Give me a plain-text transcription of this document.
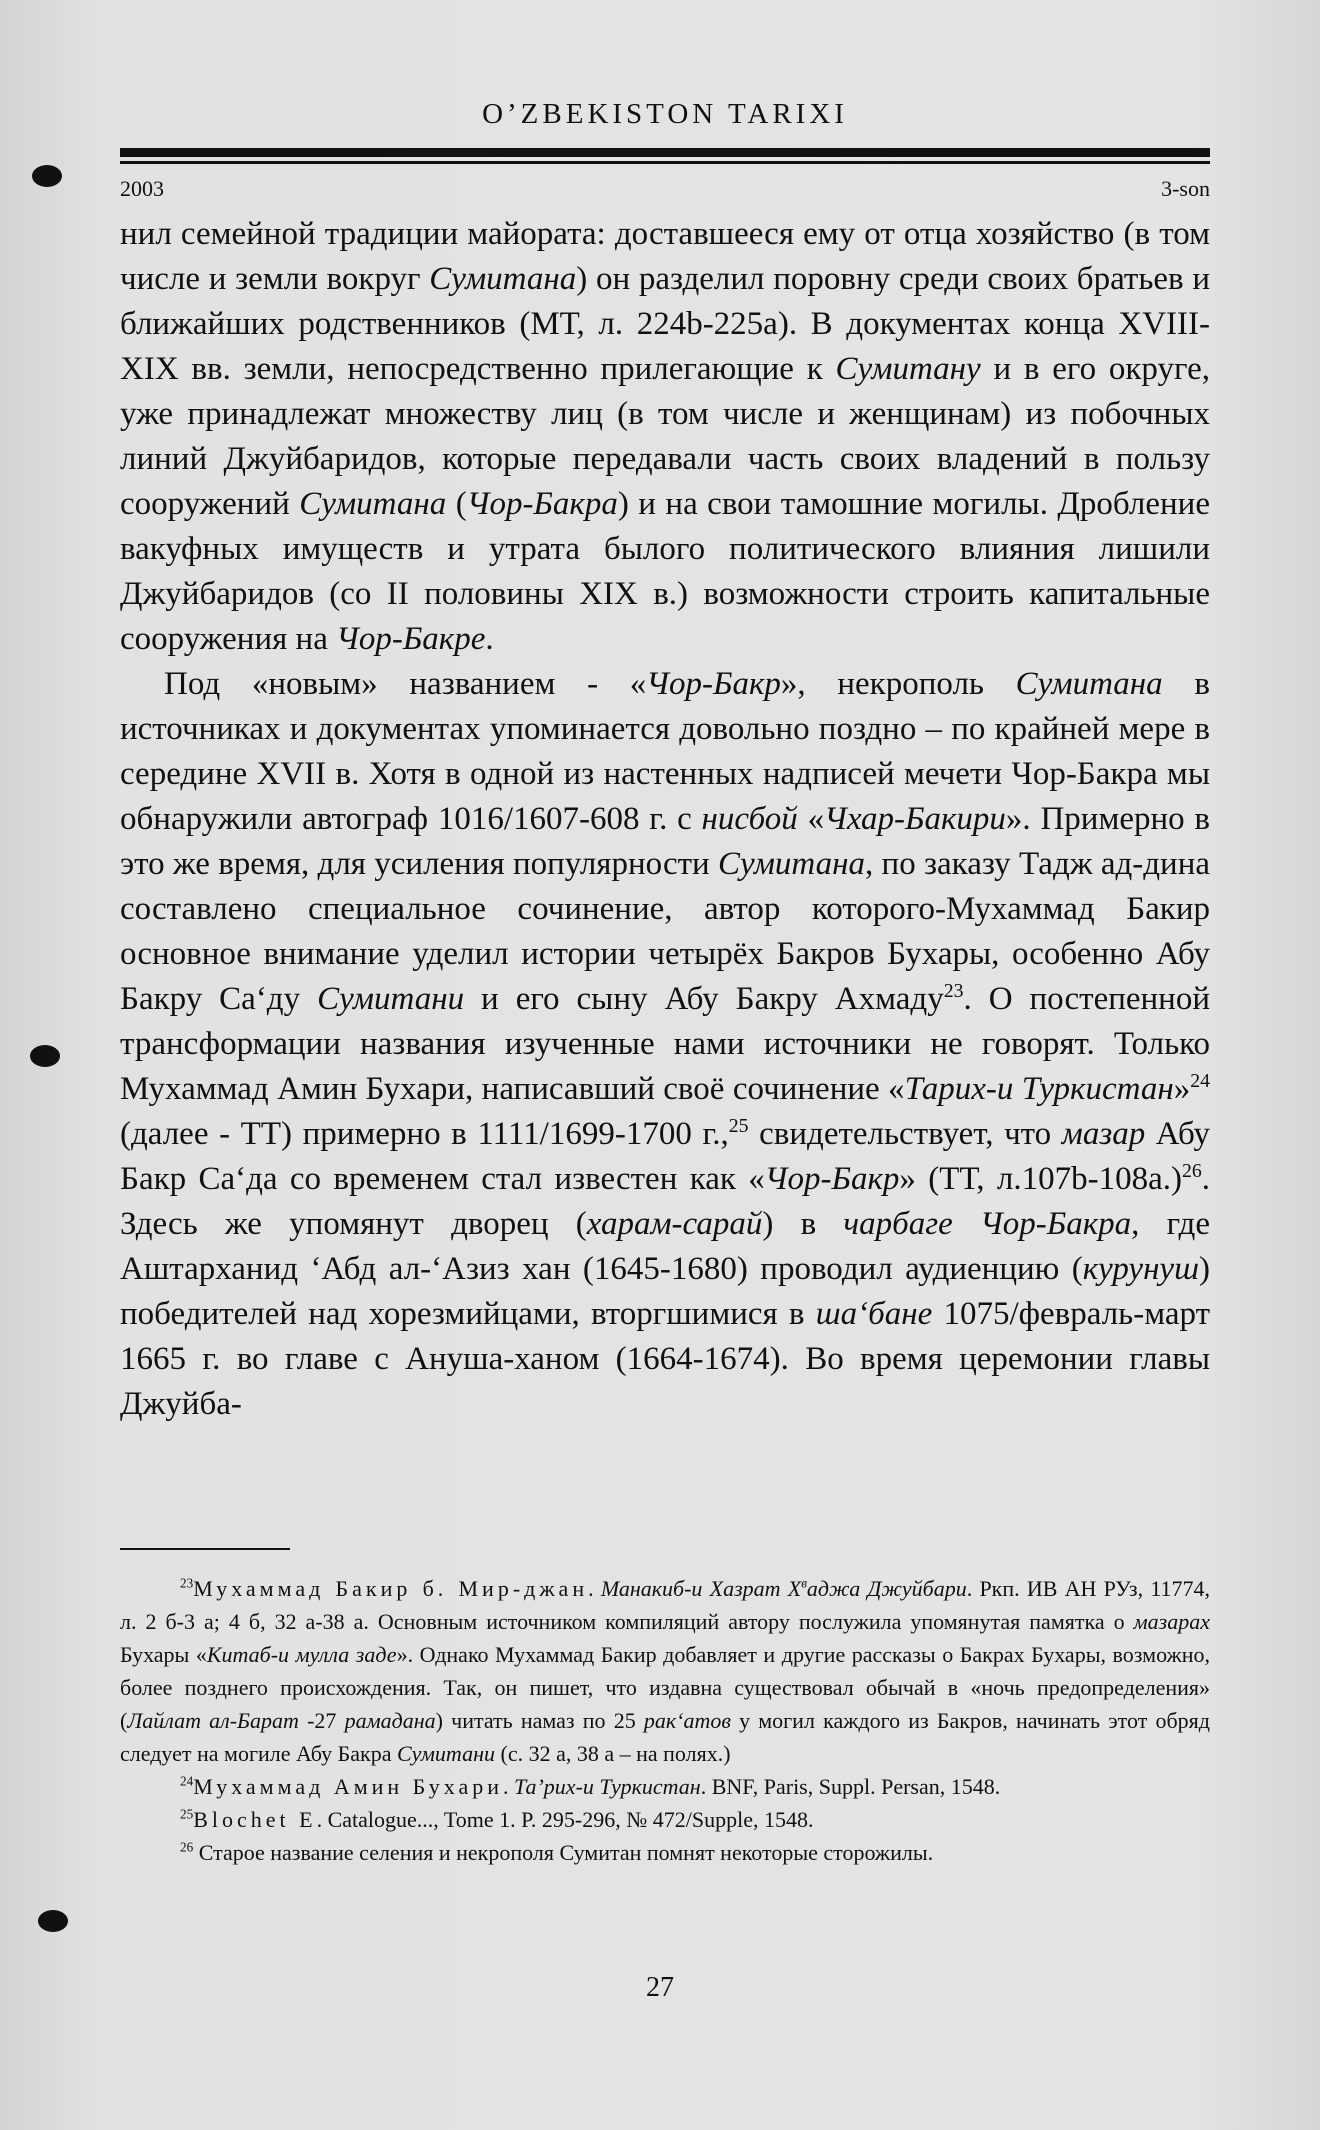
O’ZBEKISTON TARIXI
2003	3-son

нил семейной традиции майората: доставшееся ему от отца хозяйство (в том числе и земли вокруг Сумитана) он разделил поровну среди своих братьев и ближайших родственников (МТ, л. 224b-225a). В документах конца XVIII-XIX вв. земли, непосредственно прилегающие к Сумитану и в его округе, уже принадлежат множеству лиц (в том числе и женщинам) из побочных линий Джуйбаридов, которые передавали часть своих владений в пользу сооружений Сумитана (Чор-Бакра) и на свои тамошние могилы. Дробление вакуфных имуществ и утрата былого политического влияния лишили Джуйбаридов (со II половины XIX в.) возможности строить капитальные сооружения на Чор-Бакре.

Под «новым» названием - «Чор-Бакр», некрополь Сумитана в источниках и документах упоминается довольно поздно – по крайней мере в середине XVII в. Хотя в одной из настенных надписей мечети Чор-Бакра мы обнаружили автограф 1016/1607-608 г. с нисбой «Чхар-Бакири». Примерно в это же время, для усиления популярности Сумитана, по заказу Тадж ад-дина составлено специальное сочинение, автор которого-Мухаммад Бакир основное внимание уделил истории четырёх Бакров Бухары, особенно Абу Бакру Са‘ду Сумитани и его сыну Абу Бакру Ахмаду$^{23}$. О постепенной трансформации названия изученные нами источники не говорят. Только Мухаммад Амин Бухари, написавший своё сочинение «Тарих-и Туркистан»$^{24}$ (далее - ТТ) примерно в 1111/1699-1700 г.,$^{25}$ свидетельствует, что мазар Абу Бакр Са‘да со временем стал известен как «Чор-Бакр» (ТТ, л.107b-108a.)$^{26}$. Здесь же упомянут дворец (харам-сарай) в чарбаге Чор-Бакра, где Аштарханид ‘Абд ал-‘Азиз хан (1645-1680) проводил аудиенцию (курунуш) победителей над хорезмийцами, вторгшимися в ша‘бане 1075/февраль-март 1665 г. во главе с Ануша-ханом (1664-1674). Во время церемонии главы Джуйба-

$^{23}$Мухаммад Бакир б. Мир-джан. Манакиб-и Хазрат $Х^ваджа$ Джуйбари. Ркп. ИВ АН РУз, 11774, л. 2 б-3 а; 4 б, 32 а-38 а. Основным источником компиляций автору послужила упомянутая памятка о мазарах Бухары «Китаб-и мулла заде». Однако Мухаммад Бакир добавляет и другие рассказы о Бакрах Бухары, возможно, более позднего происхождения. Так, он пишет, что издавна существовал обычай в «ночь предопределения» (Лайлат ал-Барат -27 рамадана) читать намаз по 25 рак‘атов у могил каждого из Бакров, начинать этот обряд следует на могиле Абу Бакра Сумитани (с. 32 а, 38 а – на полях.)

$^{24}$Мухаммад Амин Бухари. Та’рих-и Туркистан. BNF, Paris, Suppl. Persan, 1548.

$^{25}$Blochet E. Catalogue..., Tome 1. P. 295-296, № 472/Supple, 1548.

$^{26}$ Старое название селения и некрополя Сумитан помнят некоторые сторожилы.

27
